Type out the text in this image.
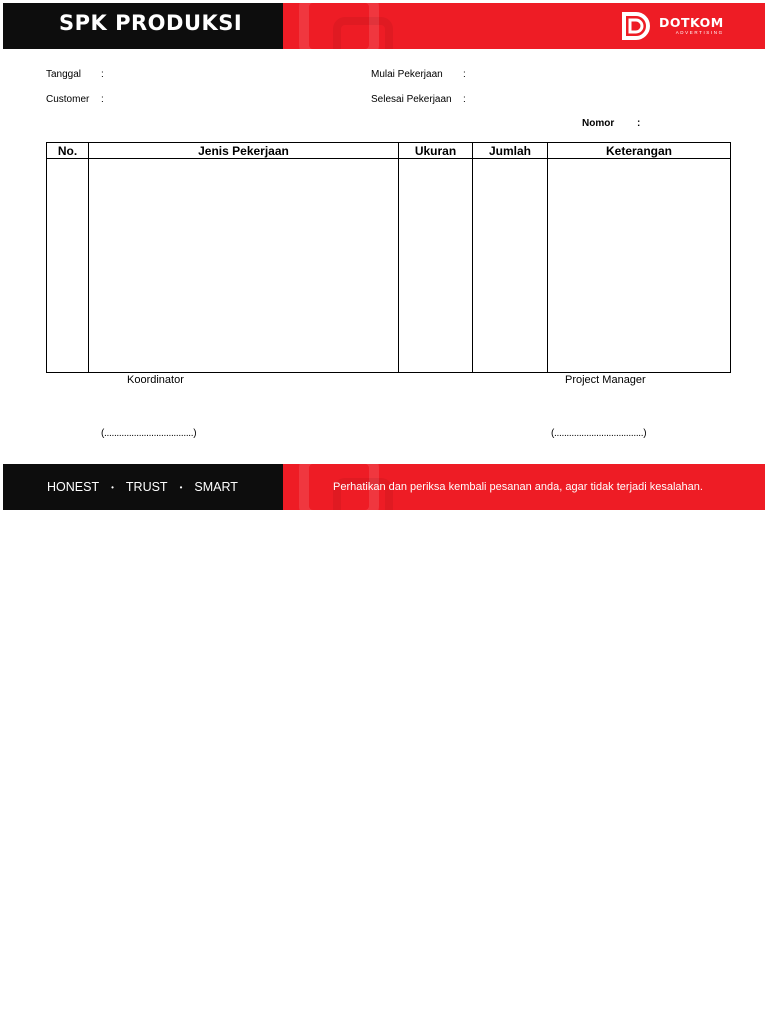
SPK PRODUKSI	DOTKOM
ADVERTISING
Tanggal :
Customer :
Mulai Pekerjaan :
Selesai Pekerjaan :
Nomor :
No.	Jenis Pekerjaan	Ukuran	Jumlah	Keterangan

Koordinator	Project Manager
(....................................)	(....................................)
HONEST • TRUST • SMART	Perhatikan dan periksa kembali pesanan anda, agar tidak terjadi kesalahan.
